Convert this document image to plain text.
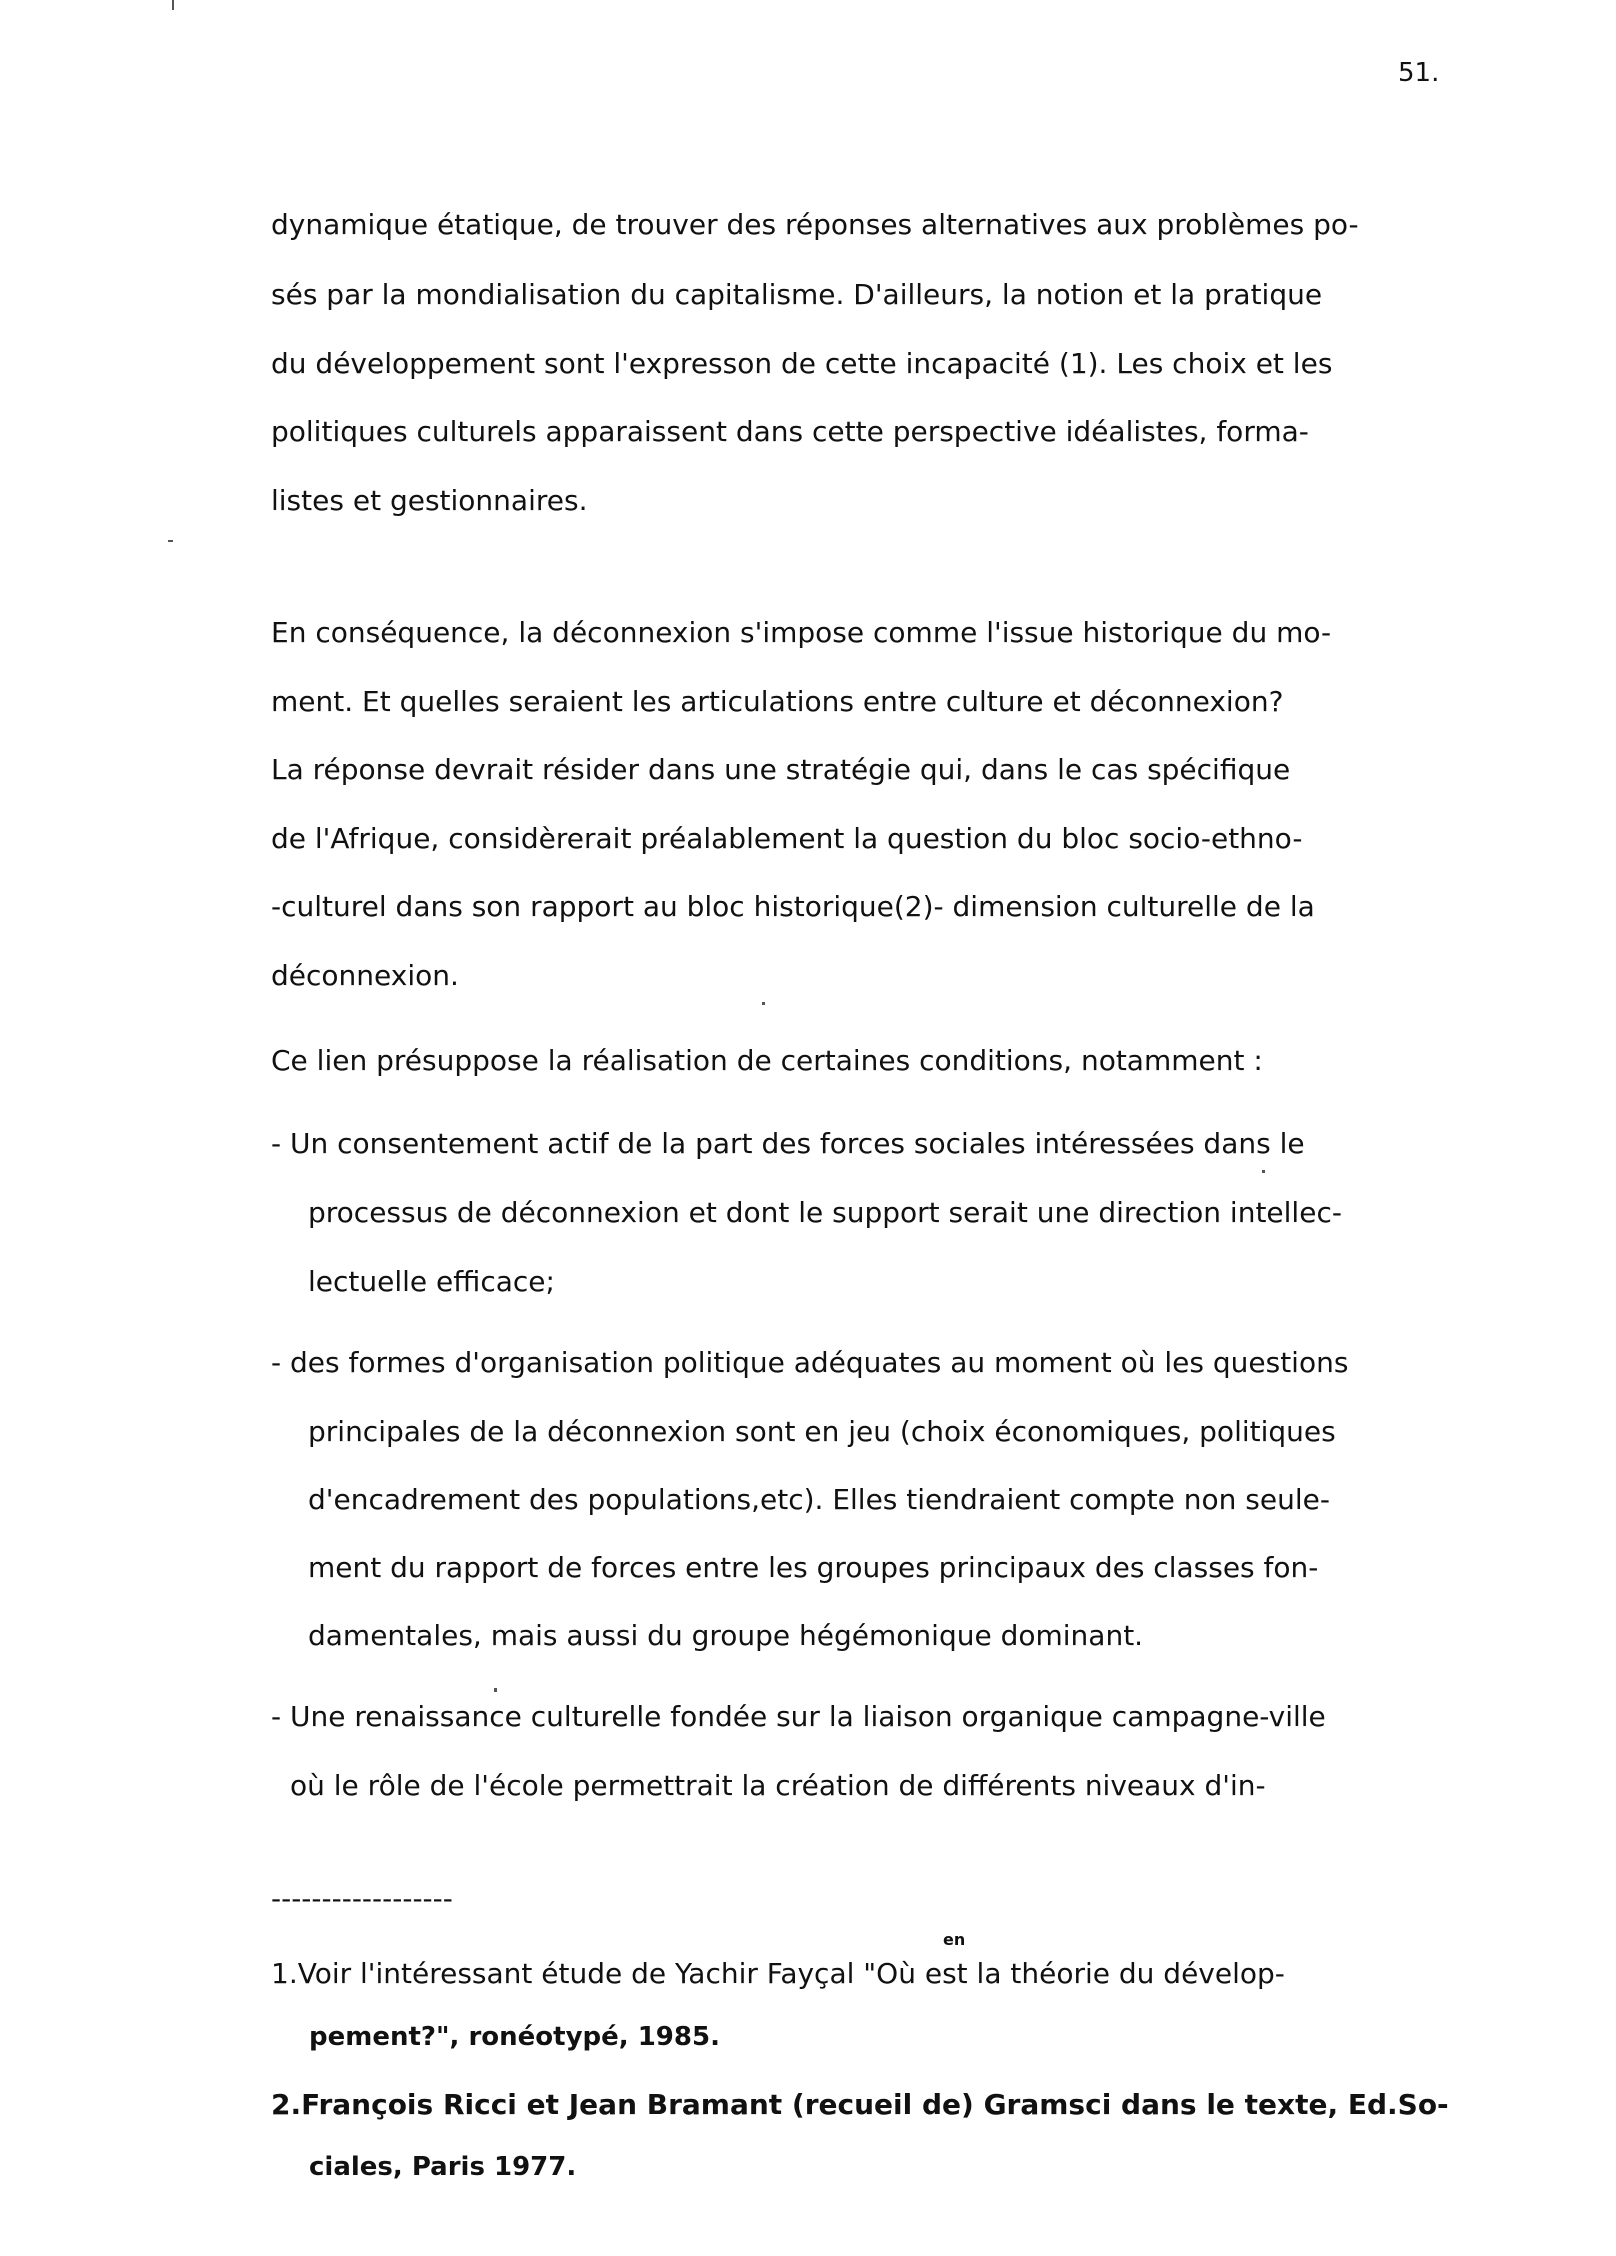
51.
dynamique étatique, de trouver des réponses alternatives aux problèmes po-
sés par la mondialisation du capitalisme. D'ailleurs, la notion et la pratique
du développement sont l'expresson de cette incapacité (1). Les choix et les
politiques culturels apparaissent dans cette perspective idéalistes, forma-
listes et gestionnaires.
En conséquence, la déconnexion s'impose comme l'issue historique du mo-
ment. Et quelles seraient les articulations entre culture et déconnexion?
La réponse devrait résider dans une stratégie qui, dans le cas spécifique
de l'Afrique, considèrerait préalablement la question du bloc socio-ethno-
-culturel dans son rapport au bloc historique(2)- dimension culturelle de la
déconnexion.
Ce lien présuppose la réalisation de certaines conditions, notamment :
- Un consentement actif de la part des forces sociales intéressées dans le
processus de déconnexion et dont le support serait une direction intellec-
lectuelle efficace;
- des formes d'organisation politique adéquates au moment où les questions
principales de la déconnexion sont en jeu (choix économiques, politiques
d'encadrement des populations,etc). Elles tiendraient compte non seule-
ment du rapport de forces entre les groupes principaux des classes fon-
damentales, mais aussi du groupe hégémonique dominant.
- Une renaissance culturelle fondée sur la liaison organique campagne-ville
où le rôle de l'école permettrait la création de différents niveaux d'in-
------------------
en
1.Voir l'intéressant étude de Yachir Fayçal "Où est la théorie du dévelop-
pement?", ronéotypé, 1985.
2.François Ricci et Jean Bramant (recueil de) Gramsci dans le texte, Ed.So-
ciales, Paris 1977.
